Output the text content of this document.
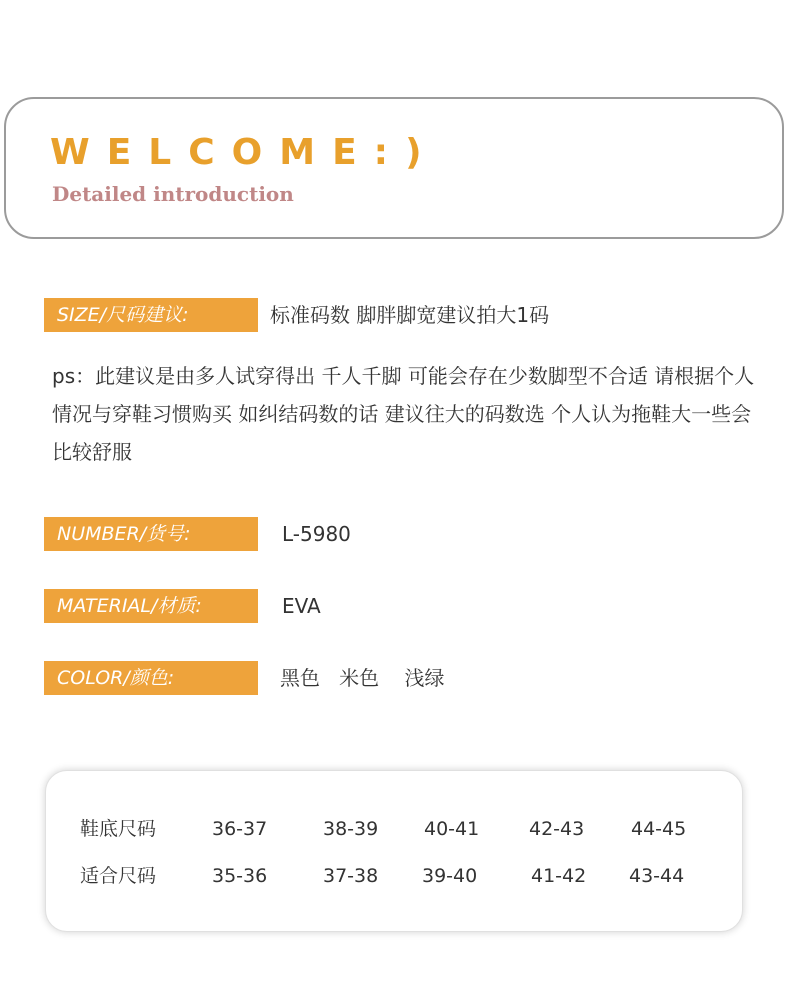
WELCOME:)
Detailed introduction
SIZE/尺码建议:	标准码数 脚胖脚宽建议拍大1码
ps：此建议是由多人试穿得出 千人千脚 可能会存在少数脚型不合适 请根据个人情况与穿鞋习惯购买 如纠结码数的话 建议往大的码数选 个人认为拖鞋大一些会比较舒服
NUMBER/货号:	L-5980
MATERIAL/材质:	EVA
COLOR/颜色:	黑色   米色    浅绿
鞋底尺码	36-37	38-39 40-41	42-43 44-45
适合尺码	35-36	37-38 39-40	41-42 43-44
